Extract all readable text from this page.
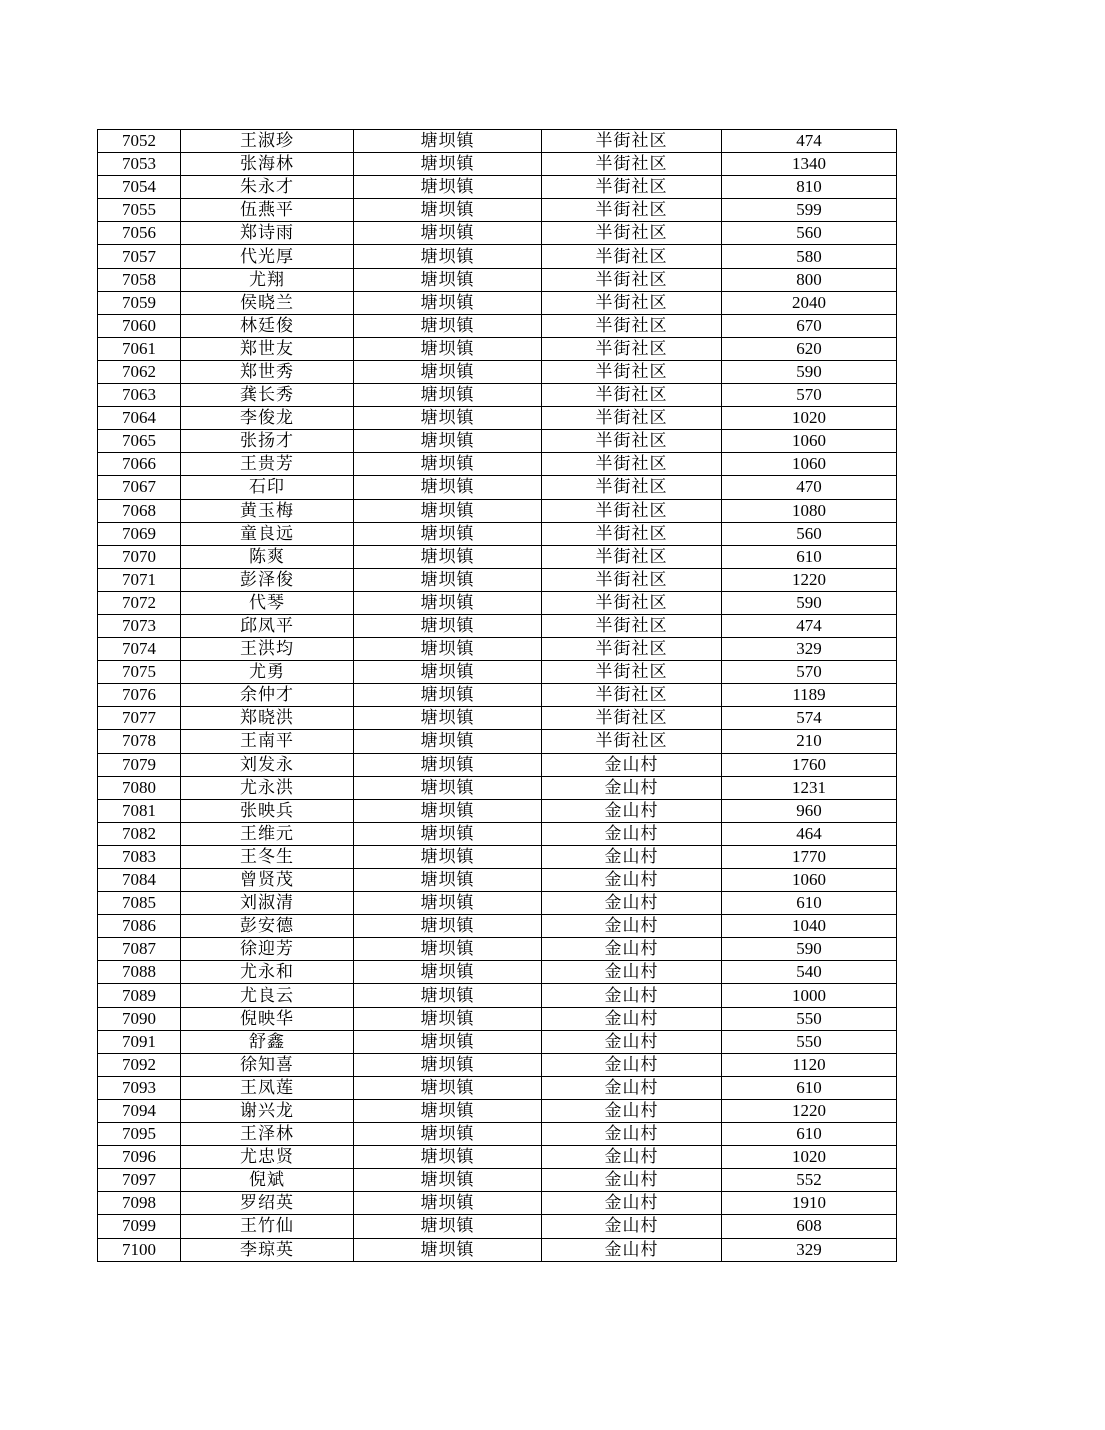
7052	王淑珍	塘坝镇	半街社区	474
7053	张海林	塘坝镇	半街社区	1340
7054	朱永才	塘坝镇	半街社区	810
7055	伍燕平	塘坝镇	半街社区	599
7056	郑诗雨	塘坝镇	半街社区	560
7057	代光厚	塘坝镇	半街社区	580
7058	尤翔	塘坝镇	半街社区	800
7059	侯晓兰	塘坝镇	半街社区	2040
7060	林廷俊	塘坝镇	半街社区	670
7061	郑世友	塘坝镇	半街社区	620
7062	郑世秀	塘坝镇	半街社区	590
7063	龚长秀	塘坝镇	半街社区	570
7064	李俊龙	塘坝镇	半街社区	1020
7065	张扬才	塘坝镇	半街社区	1060
7066	王贵芳	塘坝镇	半街社区	1060
7067	石印	塘坝镇	半街社区	470
7068	黄玉梅	塘坝镇	半街社区	1080
7069	童良远	塘坝镇	半街社区	560
7070	陈爽	塘坝镇	半街社区	610
7071	彭泽俊	塘坝镇	半街社区	1220
7072	代琴	塘坝镇	半街社区	590
7073	邱凤平	塘坝镇	半街社区	474
7074	王洪均	塘坝镇	半街社区	329
7075	尤勇	塘坝镇	半街社区	570
7076	余仲才	塘坝镇	半街社区	1189
7077	郑晓洪	塘坝镇	半街社区	574
7078	王南平	塘坝镇	半街社区	210
7079	刘发永	塘坝镇	金山村	1760
7080	尤永洪	塘坝镇	金山村	1231
7081	张映兵	塘坝镇	金山村	960
7082	王维元	塘坝镇	金山村	464
7083	王冬生	塘坝镇	金山村	1770
7084	曾贤茂	塘坝镇	金山村	1060
7085	刘淑清	塘坝镇	金山村	610
7086	彭安德	塘坝镇	金山村	1040
7087	徐迎芳	塘坝镇	金山村	590
7088	尤永和	塘坝镇	金山村	540
7089	尤良云	塘坝镇	金山村	1000
7090	倪映华	塘坝镇	金山村	550
7091	舒鑫	塘坝镇	金山村	550
7092	徐知喜	塘坝镇	金山村	1120
7093	王凤莲	塘坝镇	金山村	610
7094	谢兴龙	塘坝镇	金山村	1220
7095	王泽林	塘坝镇	金山村	610
7096	尤忠贤	塘坝镇	金山村	1020
7097	倪斌	塘坝镇	金山村	552
7098	罗绍英	塘坝镇	金山村	1910
7099	王竹仙	塘坝镇	金山村	608
7100	李琼英	塘坝镇	金山村	329
